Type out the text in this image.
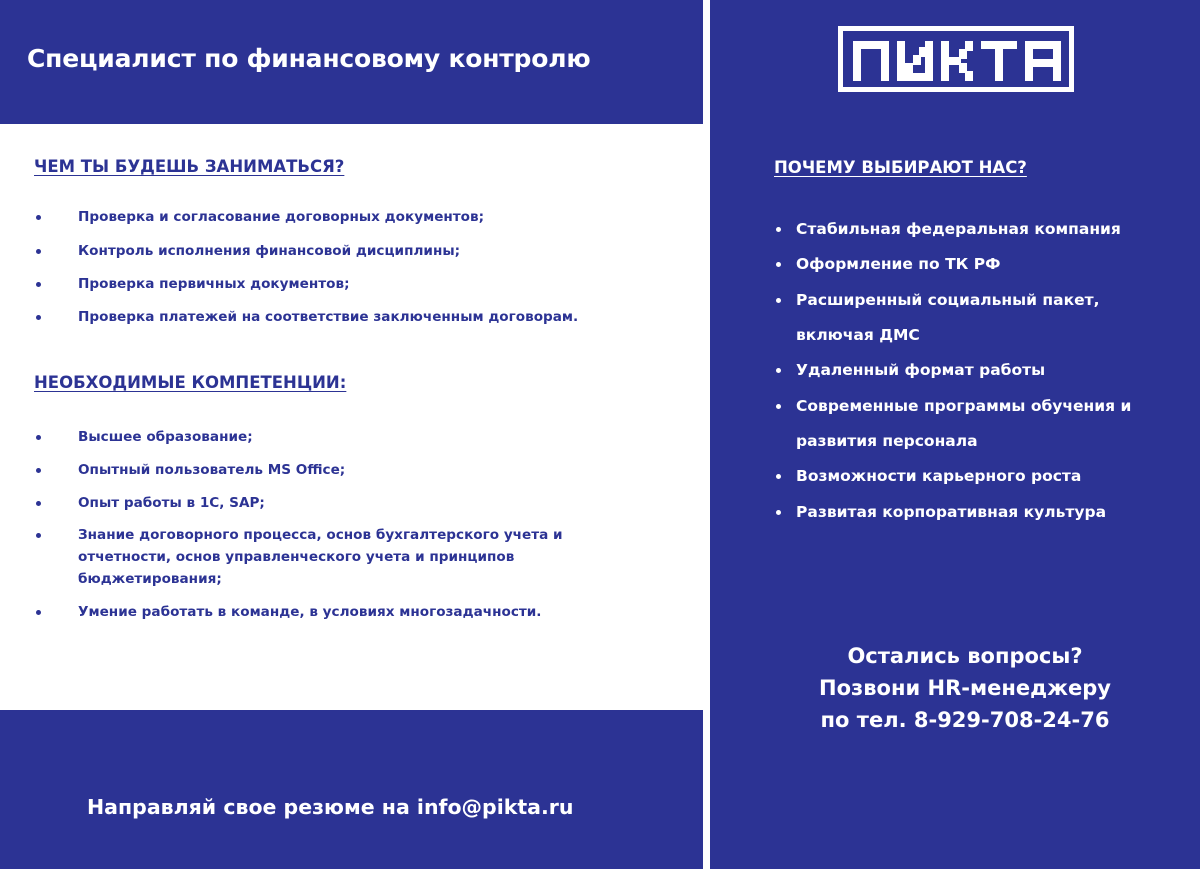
Специалист по финансовому контролю
ЧЕМ ТЫ БУДЕШЬ ЗАНИМАТЬСЯ?
Проверка и согласование договорных документов;
Контроль исполнения финансовой дисциплины;
Проверка первичных документов;
Проверка платежей на соответствие заключенным договорам.
НЕОБХОДИМЫЕ КОМПЕТЕНЦИИ:
Высшее образование;
Опытный пользователь MS Office;
Опыт работы в 1С, SAP;
Знание договорного процесса, основ бухгалтерского учета и отчетности, основ управленческого учета и принципов бюджетирования;
Умение работать в команде, в условиях многозадачности.

Направляй свое резюме на info@pikta.ru

ПОЧЕМУ ВЫБИРАЮТ НАС?
Стабильная федеральная компания
Оформление по ТК РФ
Расширенный социальный пакет, включая ДМС
Удаленный формат работы
Современные программы обучения и развития персонала
Возможности карьерного роста
Развитая корпоративная культура
Остались вопросы?
Позвони HR-менеджеру
по тел. 8-929-708-24-76
